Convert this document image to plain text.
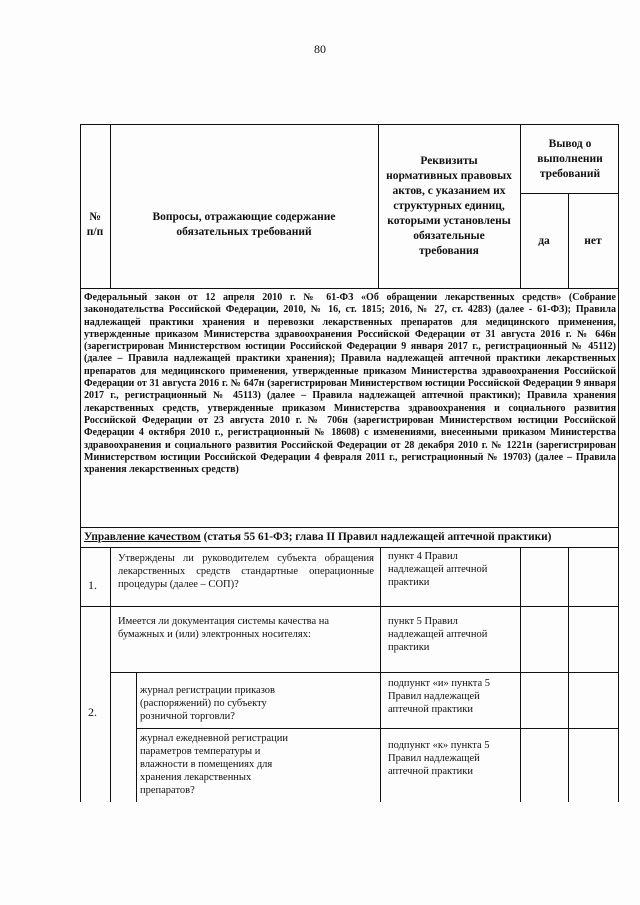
80
№
п/п
Вопросы, отражающие содержание обязательных требований
Реквизиты нормативных правовых актов, с указанием их структурных единиц, которыми установлены обязательные требования
Вывод о выполнении требований
да	нет
Федеральный закон от 12 апреля 2010 г. № 61-ФЗ «Об обращении лекарственных средств» (Собрание законодательства Российской Федерации, 2010, № 16, ст. 1815; 2016, № 27, ст. 4283) (далее - 61-ФЗ); Правила надлежащей практики хранения и перевозки лекарственных препаратов для медицинского применения, утвержденные приказом Министерства здравоохранения Российской Федерации от 31 августа 2016 г. № 646н (зарегистрирован Министерством юстиции Российской Федерации 9 января 2017 г., регистрационный № 45112) (далее – Правила надлежащей практики хранения); Правила надлежащей аптечной практики лекарственных препаратов для медицинского применения, утвержденные приказом Министерства здравоохранения Российской Федерации от 31 августа 2016 г. № 647н (зарегистрирован Министерством юстиции Российской Федерации 9 января 2017 г., регистрационный № 45113) (далее – Правила надлежащей аптечной практики); Правила хранения лекарственных средств, утвержденные приказом Министерства здравоохранения и социального развития Российской Федерации от 23 августа 2010 г. № 706н (зарегистрирован Министерством юстиции Российской Федерации 4 октября 2010 г., регистрационный № 18608) с изменениями, внесенными приказом Министерства здравоохранения и социального развития Российской Федерации от 28 декабря 2010 г. № 1221н (зарегистрирован Министерством юстиции Российской Федерации 4 февраля 2011 г., регистрационный № 19703) (далее – Правила хранения лекарственных средств)
Управление качеством (статья 55 61-ФЗ; глава II Правил надлежащей аптечной практики)
1.
Утверждены ли руководителем субъекта обращения лекарственных средств стандартные операционные процедуры (далее – СОП)?
пункт 4 Правил надлежащей аптечной практики
2.
Имеется ли документация системы качества на бумажных и (или) электронных носителях:
пункт 5 Правил надлежащей аптечной практики
журнал регистрации приказов (распоряжений) по субъекту розничной торговли?
подпункт «и» пункта 5 Правил надлежащей аптечной практики
журнал ежедневной регистрации параметров температуры и влажности в помещениях для хранения лекарственных препаратов?
подпункт «к» пункта 5 Правил надлежащей аптечной практики
